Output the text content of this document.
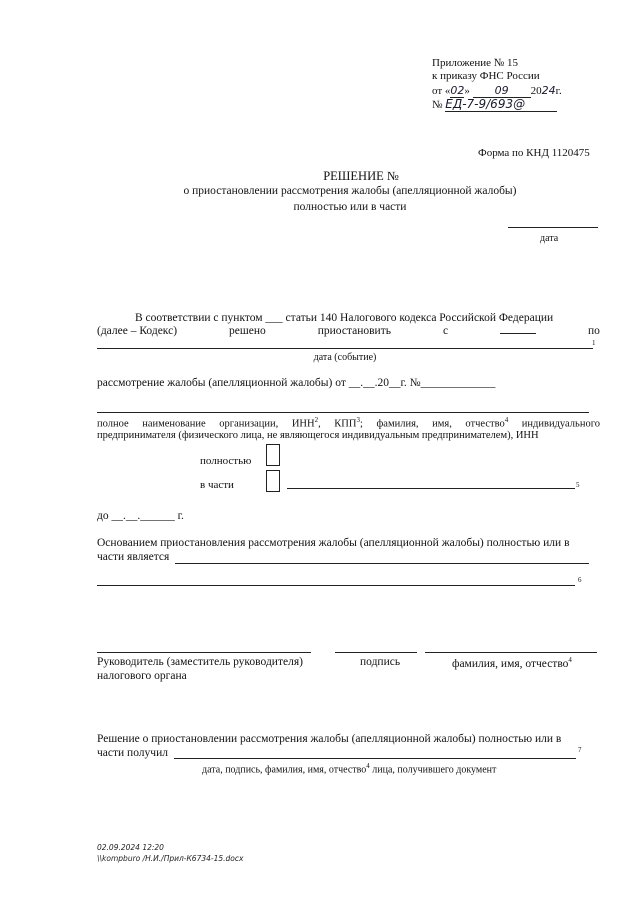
Приложение № 15
к приказу ФНС России
от «02» 09 2024г.
№ ЕД-7-9/693@
Форма по КНД 1120475
РЕШЕНИЕ №
о приостановлении рассмотрения жалобы (апелляционной жалобы)
полностью или в части
дата
В соответствии с пунктом ___ статьи 140 Налогового кодекса Российской Федерации
(далее – Кодекс)	решено	приостановить	с	по
1
дата (событие)
рассмотрение жалобы (апелляционной жалобы) от __.__.20__г. №_____________
полное наименование организации, ИНН$^2$, КПП$^3$; фамилия, имя, отчество$^4$ индивидуального
предпринимателя (физического лица, не являющегося индивидуальным предпринимателем), ИНН
полностью
в части	5
до __.__.______ г.
Основанием приостановления рассмотрения жалобы (апелляционной жалобы) полностью или в
части является
6
Руководитель (заместитель руководителя)
налогового органа
подпись	фамилия, имя, отчество$^4$
Решение о приостановлении рассмотрения жалобы (апелляционной жалобы) полностью или в
части получил	7
дата, подпись, фамилия, имя, отчество$^4$ лица, получившего документ
02.09.2024 12:20
\\kompburo /Н.И./Прил-К6734-15.docx
